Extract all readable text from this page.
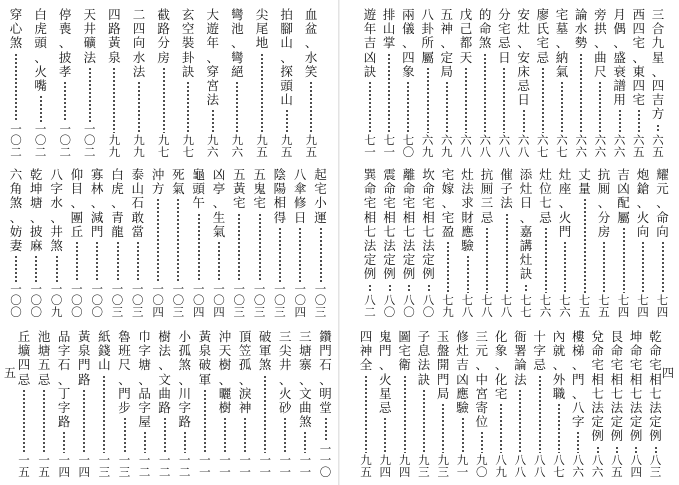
穿
心
煞
一
〇
二
白
虎
頭
、
火
嘴
一
〇
二
停
喪
、
披
孝
一
〇
二
天
井
礦
法
一
〇
二
四
路
黃
泉
九
九
二
四
向
水
法
九
九
截
路
分
房
九
七
玄
空
裝
卦
訣
九
七
大
遊
年
、
穿
宮
法
九
六
彎
池
、
彎
絕
九
六
尖
尾
地
九
五
拍
腳
山
、
探
頭
山
九
五
血
盆
、
水
笑
九
五
六
角
煞
、
妨
妻
一
〇
〇
乾
坤
塘
、
披
麻
一
〇
〇
八
字
水
、
井
煞
一
〇
九
仰
目
、
團
丘
一
〇
〇
寡
林
、
減
門
一
〇
〇
白
虎
、
青
龍
一
〇
三
泰
山
石
敢
當
一
〇
三
沖
方
一
〇
四
死
氣
一
〇
三
龜
頭
午
一
〇
四
凶
亭
、
生
氣
一
〇
四
五
黃
宅
一
〇
三
五
鬼
宅
一
〇
三
陰
陽
相
得
一
〇
三
八
傘
修
日
一
〇
四
起
宅
小
運
一
〇
三
丘
壙
四
忌
一
五
池
塘
五
忌
一
五
品
字
石
、
丁
字
路
一
四
黃
泉
門
路
一
四
紙
錢
山
一
三
魯
班
尺
、
門
步
一
三
巾
字
塘
、
品
字
屋
一
二
樹
法
、
文
曲
路
一
二
小
孤
煞
、
川
字
路
一
二
黃
泉
破
軍
一
一
沖
天
樹
、
曬
樹
一
一
頂
笠
孤
、
淚
神
一
一
破
軍
煞
一
一
三
尖
井
、
火
砂
一
一
三
塘
寨
、
文
曲
煞
一
一
鑽
門
石
、
明
堂
一
一
〇
五
遊
年
吉
凶
訣
七
一
排
山
掌
七
一
兩
儀
、
四
象
七
〇
八
卦
所
屬
六
九
五
神
、
定
局
六
九
戊
己
都
天
六
八
的
命
煞
六
八
分
宅
忌
日
六
八
安
灶
、
安
床
忌
日
六
八
廖
氏
宅
忌
六
七
宅
墓
、
納
氣
六
七
論
水
勢
六
六
旁
拱
、
曲
尺
六
六
月
偶
、
盛
衰
譜
用
六
六
西
四
宅
、
東
四
宅
六
五
三
合
九
星
、
四
吉
方
六
五
巽
命
宅
相
七
法
定
例
八
二
震
命
宅
相
七
法
定
例
八
〇
離
命
宅
相
七
法
定
例
八
〇
坎
命
宅
相
七
法
定
例
八
〇
宅
嫁
、
宅
盈
七
九
灶
法
求
財
應
驗
七
八
抗
厠
三
忌
七
八
催
子
法
七
八
添
灶
日
、
嘉
講
灶
訣
七
七
灶
位
七
忌
七
六
灶
座
、
火
門
七
六
丈
量
七
五
抗
厠
、
分
房
七
五
吉
凶
配
屬
七
四
炮
鎗
、
火
向
七
四
耀
元
、
命
向
七
四
四
神
全
九
五
鬼
門
、
火
星
忌
九
四
圖
宅
衛
九
四
子
息
法
訣
九
三
玉
盤
開
門
局
九
三
修
灶
吉
凶
應
驗
九
一
三
元
、
中
宮
寄
位
九
〇
化
象
、
化
宅
八
九
衙
署
論
法
八
八
十
字
忌
八
八
內
就
、
外
職
八
七
樓
梯
、
門
、
八
字
八
六
兌
命
宅
相
七
法
定
例
八
六
艮
命
宅
相
七
法
定
例
八
五
坤
命
宅
相
七
法
定
例
八
四
乾
命
宅
相
七
法
定
例
八
三
四
